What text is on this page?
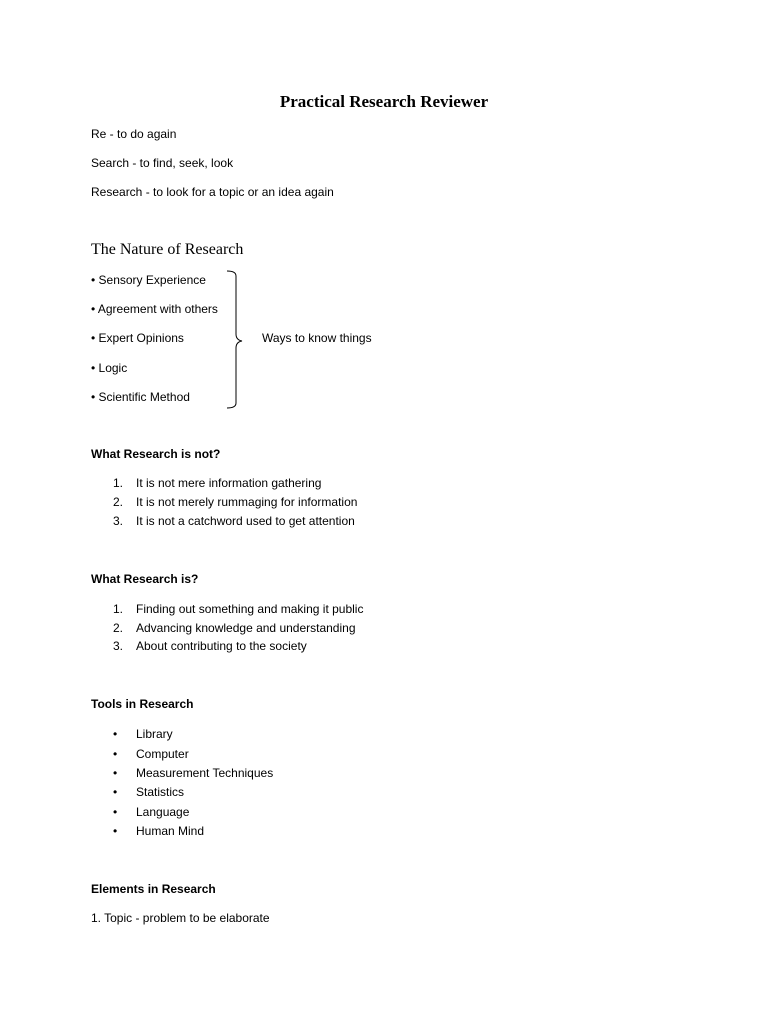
Practical Research Reviewer
Re - to do again
Search - to find, seek, look
Research - to look for a topic or an idea again
The Nature of Research
• Sensory Experience
• Agreement with others
• Expert Opinions
• Logic
• Scientific Method
Ways to know things
What Research is not?
1. It is not mere information gathering
2. It is not merely rummaging for information
3. It is not a catchword used to get attention
What Research is?
1. Finding out something and making it public
2. Advancing knowledge and understanding
3. About contributing to the society
Tools in Research
• Library
• Computer
• Measurement Techniques
• Statistics
• Language
• Human Mind
Elements in Research
1. Topic - problem to be elaborate
